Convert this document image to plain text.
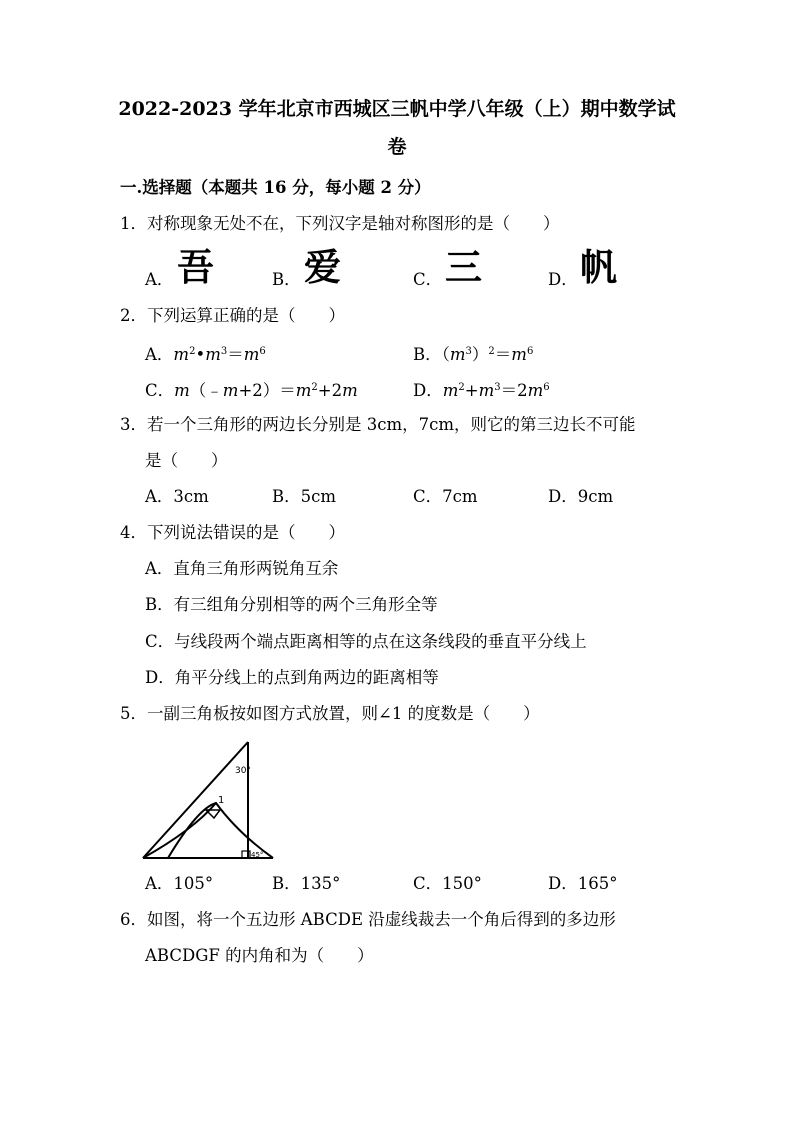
2022-2023 学年北京市西城区三帆中学八年级（上）期中数学试
卷
一.选择题（本题共 16 分，每小题 2 分）
1．对称现象无处不在，下列汉字是轴对称图形的是（　　）
A． 吾	B． 爱	C． 三	D． 帆
2．下列运算正确的是（　　）
A．$m^2•m^3=m^6$	B．$(m^3)^2=m^6$
C．$m(﹣m+2)=m^2+2m$	D．$m^2+m^3=2m^6$
3．若一个三角形的两边长分别是 3cm，7cm，则它的第三边长不可能
是（　　）
A．3cm	B．5cm	C．7cm	D．9cm
4．下列说法错误的是（　　）
A．直角三角形两锐角互余
B．有三组角分别相等的两个三角形全等
C．与线段两个端点距离相等的点在这条线段的垂直平分线上
D．角平分线上的点到角两边的距离相等
5．一副三角板按如图方式放置，则∠1 的度数是（　　）
30°
1
45°
A．105°	B．135°	C．150°	D．165°
6．如图，将一个五边形 ABCDE 沿虚线裁去一个角后得到的多边形
ABCDGF 的内角和为（　　）
